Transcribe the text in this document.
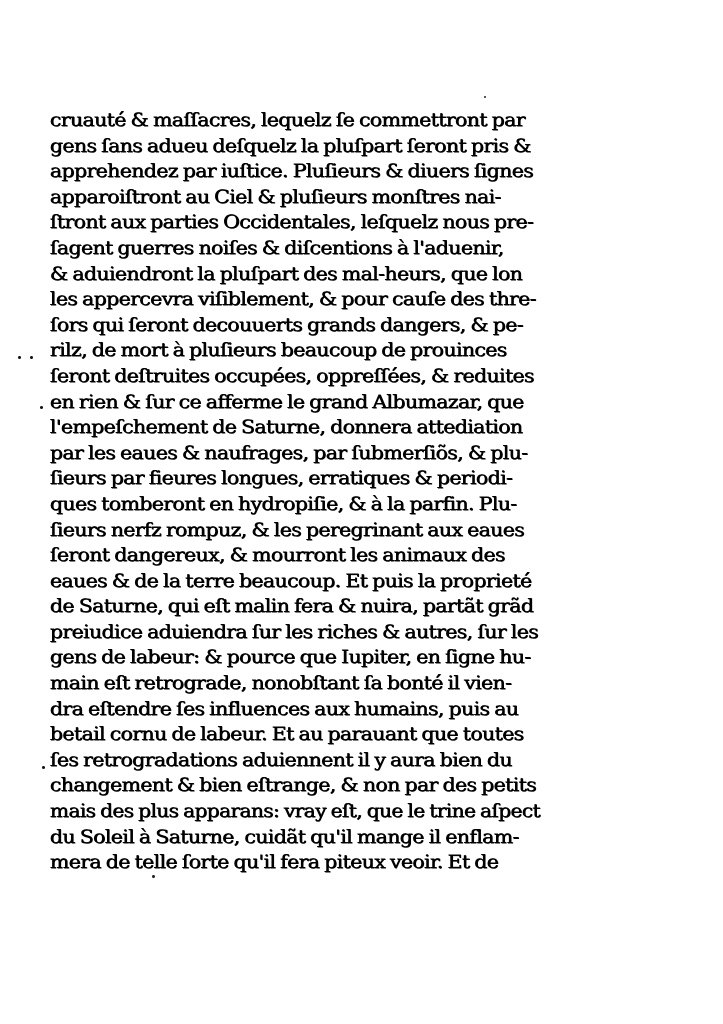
cruauté & maſſacres, lequelz ſe commettront par
gens ſans adueu deſquelz la pluſpart ſeront pris &
apprehendez par iuſtice. Pluſieurs & diuers ſignes
apparoiſtront au Ciel & pluſieurs monſtres nai-
ſtront aux parties Occidentales, leſquelz nous pre-
ſagent guerres noiſes & diſcentions à l'aduenir,
& aduiendront la pluſpart des mal-heurs, que lon
les appercevra viſiblement, & pour cauſe des thre-
ſors qui ſeront decouuerts grands dangers, & pe-
rilz, de mort à pluſieurs beaucoup de prouinces
ſeront deſtruites occupées, oppreſſées, & reduites
en rien & ſur ce afferme le grand Albumazar, que
l'empeſchement de Saturne, donnera attediation
par les eaues & naufrages, par ſubmerſiõs, & plu-
ſieurs par fieures longues, erratiques & periodi-
ques tomberont en hydropiſie, & à la parfin. Plu-
ſieurs nerfz rompuz, & les peregrinant aux eaues
ſeront dangereux, & mourront les animaux des
eaues & de la terre beaucoup. Et puis la proprieté
de Saturne, qui eſt malin fera & nuira, partãt grãd
preiudice aduiendra ſur les riches & autres, ſur les
gens de labeur: & pource que Iupiter, en ſigne hu-
main eſt retrograde, nonobſtant ſa bonté il vien-
dra eſtendre ſes influences aux humains, puis au
betail cornu de labeur. Et au parauant que toutes
ſes retrogradations aduiennent il y aura bien du
changement & bien eſtrange, & non par des petits
mais des plus apparans: vray eſt, que le trine aſpect
du Soleil à Saturne, cuidãt qu'il mange il enflam-
mera de telle ſorte qu'il fera piteux veoir. Et de
